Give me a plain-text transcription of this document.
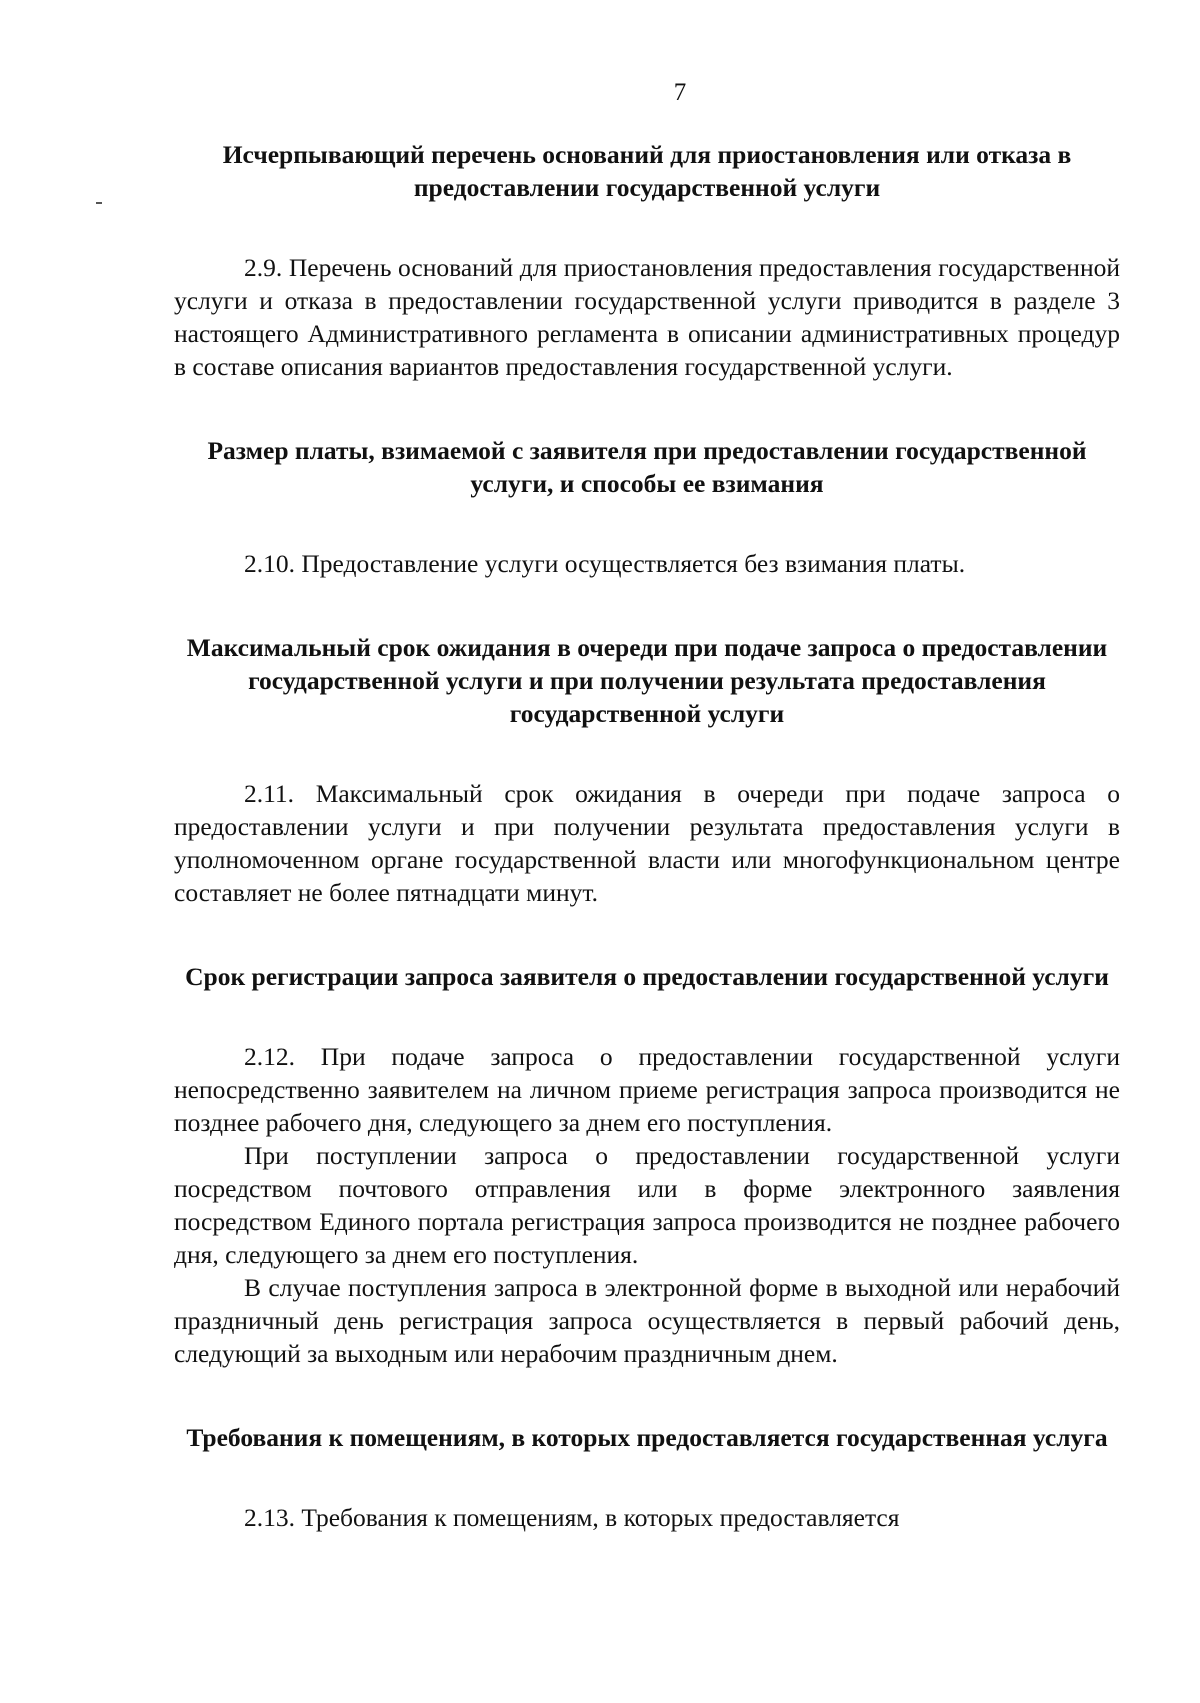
7
Исчерпывающий перечень оснований для приостановления или отказа в предоставлении государственной услуги

2.9. Перечень оснований для приостановления предоставления государственной услуги и отказа в предоставлении государственной услуги приводится в разделе 3 настоящего Административного регламента в описании административных процедур в составе описания вариантов предоставления государственной услуги.

Размер платы, взимаемой с заявителя при предоставлении государственной услуги, и способы ее взимания

2.10. Предоставление услуги осуществляется без взимания платы.

Максимальный срок ожидания в очереди при подаче запроса о предоставлении государственной услуги и при получении результата предоставления государственной услуги

2.11. Максимальный срок ожидания в очереди при подаче запроса о предоставлении услуги и при получении результата предоставления услуги в уполномоченном органе государственной власти или многофункциональном центре составляет не более пятнадцати минут.

Срок регистрации запроса заявителя о предоставлении государственной услуги

2.12. При подаче запроса о предоставлении государственной услуги непосредственно заявителем на личном приеме регистрация запроса производится не позднее рабочего дня, следующего за днем его поступления.

При поступлении запроса о предоставлении государственной услуги посредством почтового отправления или в форме электронного заявления посредством Единого портала регистрация запроса производится не позднее рабочего дня, следующего за днем его поступления.

В случае поступления запроса в электронной форме в выходной или нерабочий праздничный день регистрация запроса осуществляется в первый рабочий день, следующий за выходным или нерабочим праздничным днем.

Требования к помещениям, в которых предоставляется государственная услуга

2.13. Требования к помещениям, в которых предоставляется
